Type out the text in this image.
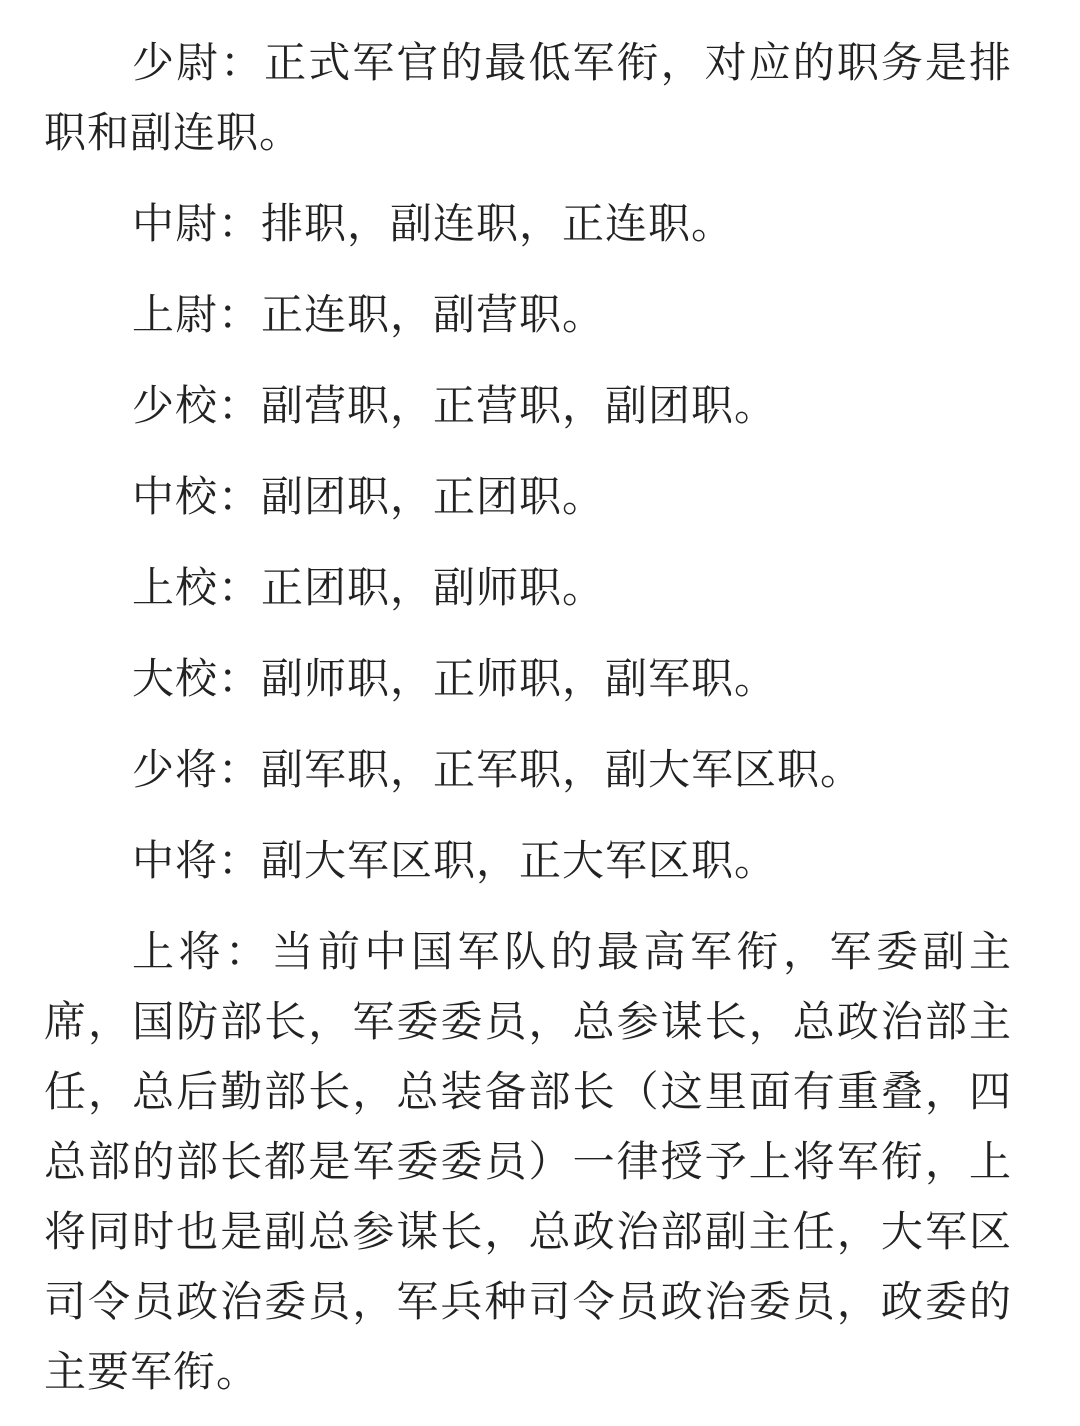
少尉：正式军官的最低军衔，对应的职务是排职和副连职。

中尉：排职，副连职，正连职。

上尉：正连职，副营职。

少校：副营职，正营职，副团职。

中校：副团职，正团职。

上校：正团职，副师职。

大校：副师职，正师职，副军职。

少将：副军职，正军职，副大军区职。

中将：副大军区职，正大军区职。

上将：当前中国军队的最高军衔，军委副主席，国防部长，军委委员，总参谋长，总政治部主任，总后勤部长，总装备部长（这里面有重叠，四总部的部长都是军委委员）一律授予上将军衔，上将同时也是副总参谋长，总政治部副主任，大军区司令员政治委员，军兵种司令员政治委员，政委的主要军衔。
